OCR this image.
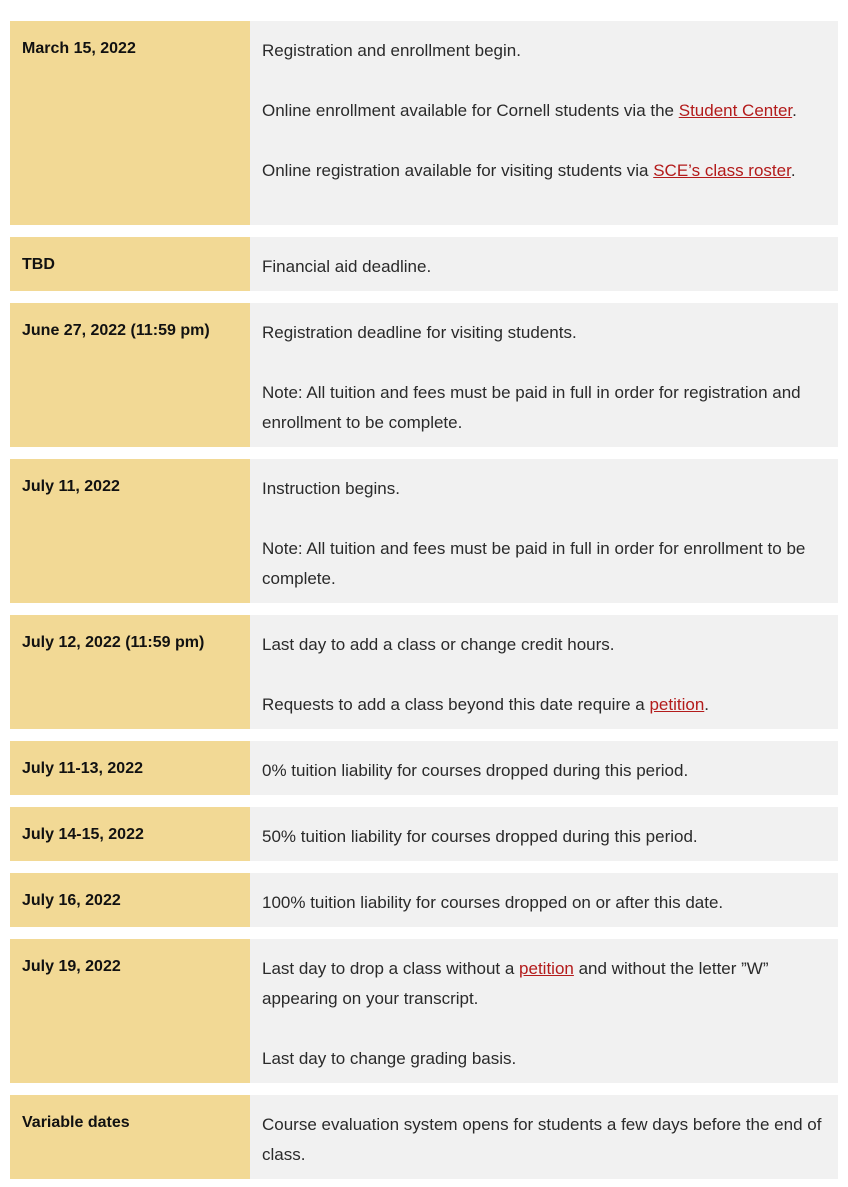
March 15, 2022	Registration and enrollment begin.

Online enrollment available for Cornell students via the Student Center.

Online registration available for visiting students via SCE’s class roster.

TBD	Financial aid deadline.

June 27, 2022 (11:59 pm)	Registration deadline for visiting students.

Note: All tuition and fees must be paid in full in order for registration and enrollment to be complete.

July 11, 2022	Instruction begins.

Note: All tuition and fees must be paid in full in order for enrollment to be complete.

July 12, 2022 (11:59 pm)	Last day to add a class or change credit hours.

Requests to add a class beyond this date require a petition.

July 11-13, 2022	0% tuition liability for courses dropped during this period.

July 14-15, 2022	50% tuition liability for courses dropped during this period.

July 16, 2022	100% tuition liability for courses dropped on or after this date.

July 19, 2022	Last day to drop a class without a petition and without the letter ”W” appearing on your transcript.

Last day to change grading basis.

Variable dates	Course evaluation system opens for students a few days before the end of class.
